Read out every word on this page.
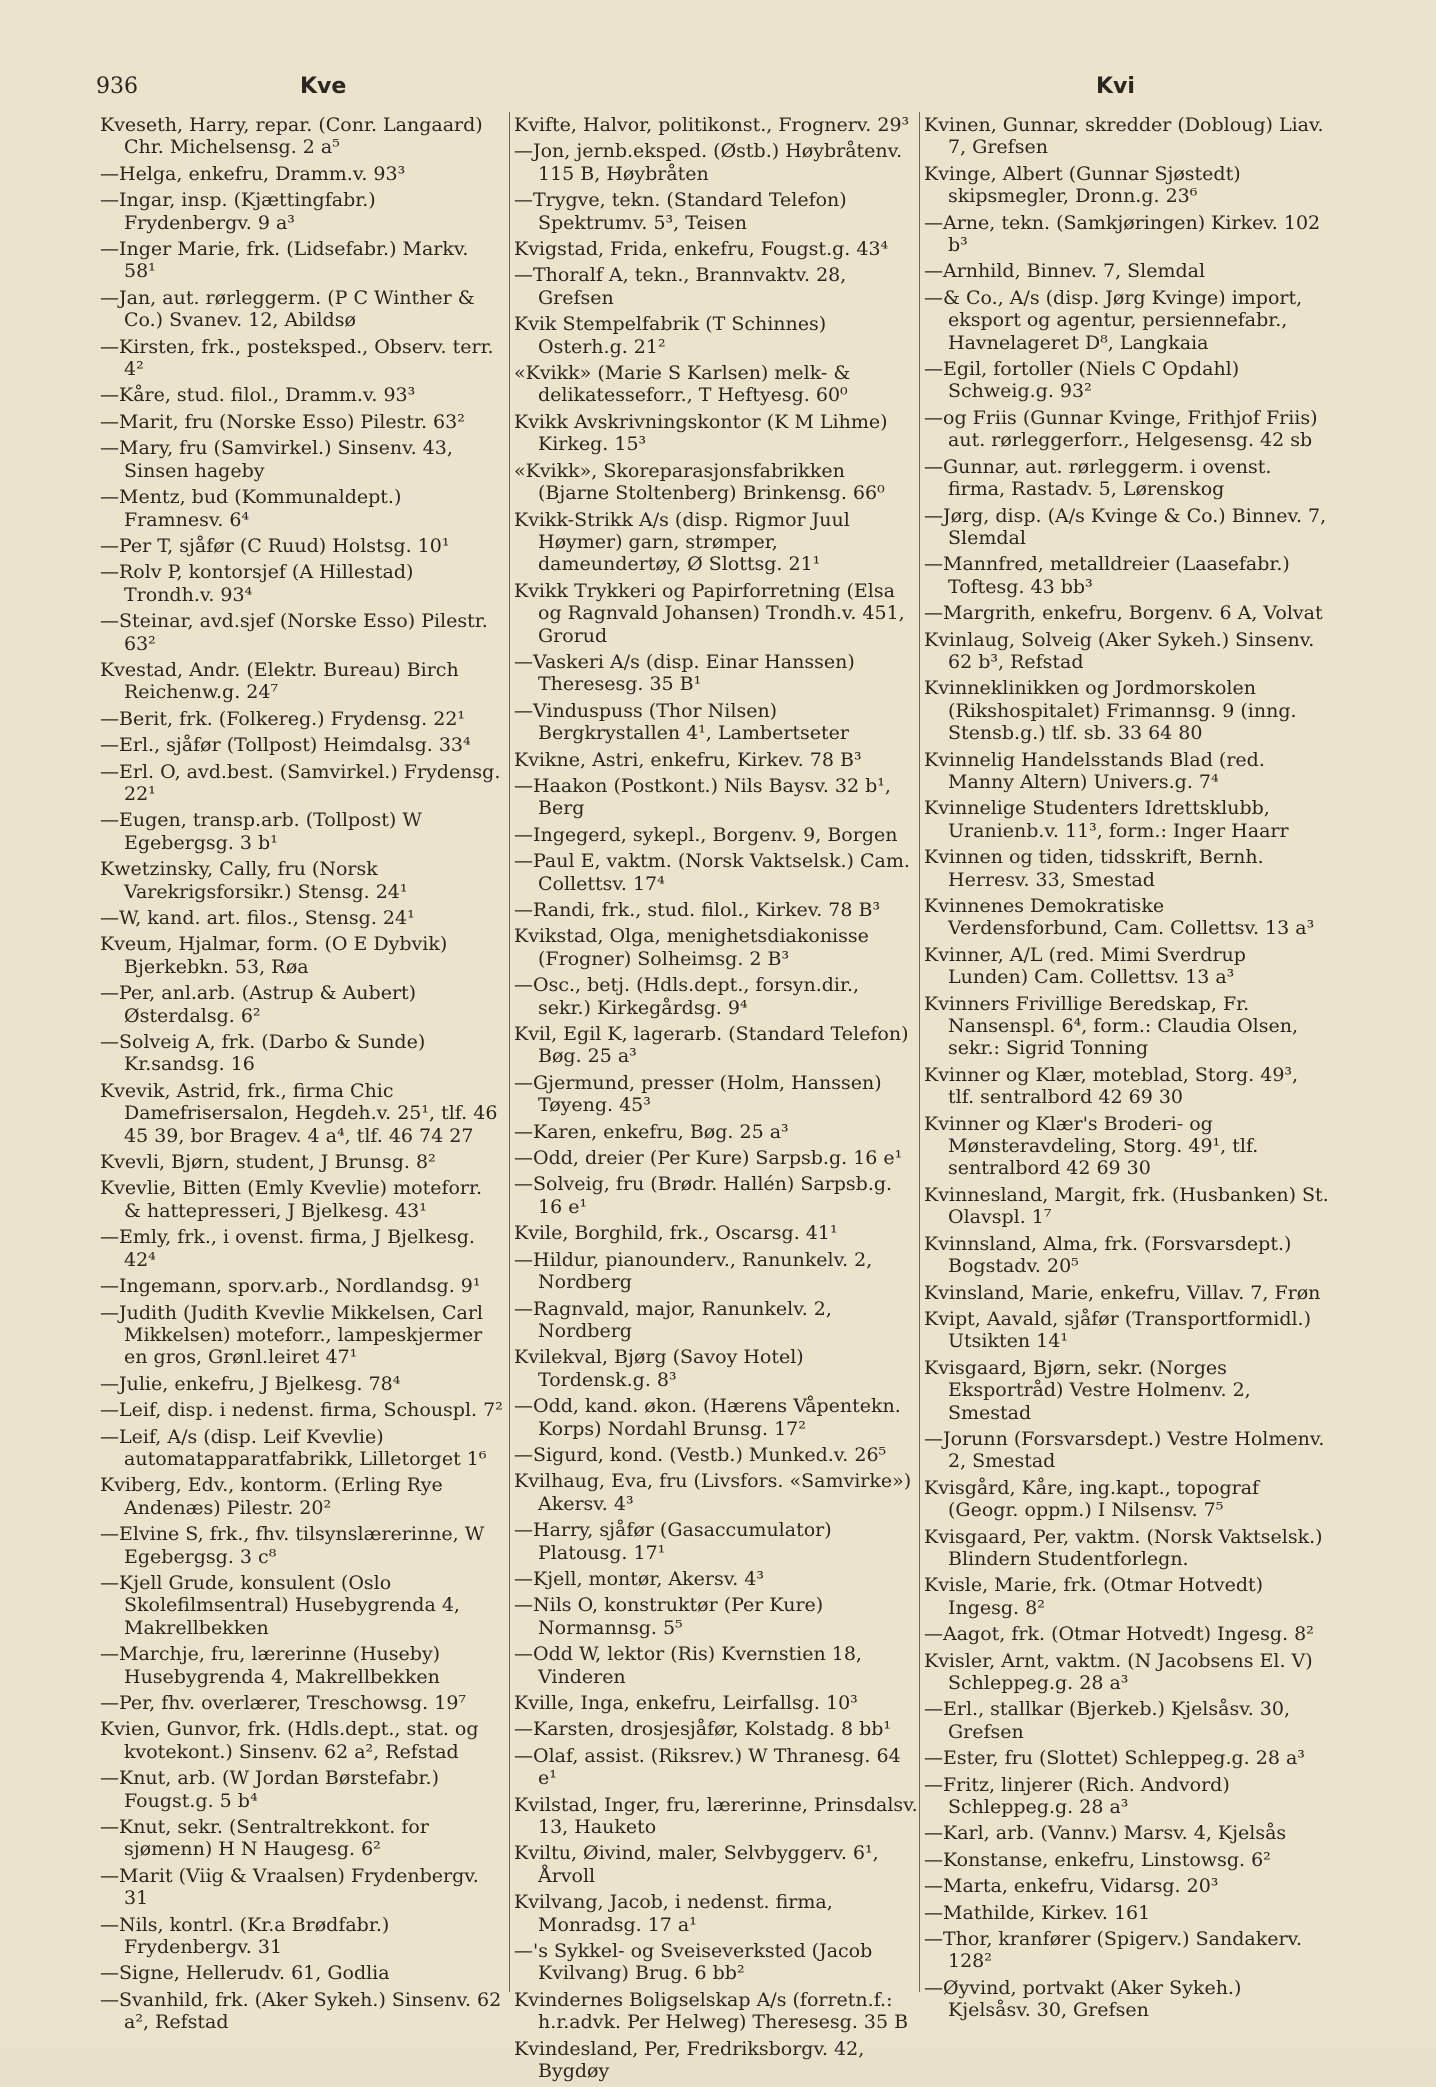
936	Kve	Kvi
Kveseth, Harry, repar. (Conr. Langaard) Chr. Michelsensg. 2 a⁵
—Helga, enkefru, Dramm.v. 93³
—Ingar, insp. (Kjættingfabr.) Frydenbergv. 9 a³
—Inger Marie, frk. (Lidsefabr.) Markv. 58¹
—Jan, aut. rørleggerm. (P C Winther & Co.) Svanev. 12, Abildsø
—Kirsten, frk., posteksped., Observ. terr. 4²
—Kåre, stud. filol., Dramm.v. 93³
—Marit, fru (Norske Esso) Pilestr. 63²
—Mary, fru (Samvirkel.) Sinsenv. 43, Sinsen hageby
—Mentz, bud (Kommunaldept.) Framnesv. 6⁴
—Per T, sjåfør (C Ruud) Holstsg. 10¹
—Rolv P, kontorsjef (A Hillestad) Trondh.v. 93⁴
—Steinar, avd.sjef (Norske Esso) Pilestr. 63²
Kvestad, Andr. (Elektr. Bureau) Birch Reichenw.g. 24⁷
—Berit, frk. (Folkereg.) Frydensg. 22¹
—Erl., sjåfør (Tollpost) Heimdalsg. 33⁴
—Erl. O, avd.best. (Samvirkel.) Frydensg. 22¹
—Eugen, transp.arb. (Tollpost) W Egebergsg. 3 b¹
Kwetzinsky, Cally, fru (Norsk Varekrigsforsikr.) Stensg. 24¹
—W, kand. art. filos., Stensg. 24¹
Kveum, Hjalmar, form. (O E Dybvik) Bjerkebkn. 53, Røa
—Per, anl.arb. (Astrup & Aubert) Østerdalsg. 6²
—Solveig A, frk. (Darbo & Sunde) Kr.sandsg. 16
Kvevik, Astrid, frk., firma Chic Damefrisersalon, Hegdeh.v. 25¹, tlf. 46 45 39, bor Bragev. 4 a⁴, tlf. 46 74 27
Kvevli, Bjørn, student, J Brunsg. 8²
Kvevlie, Bitten (Emly Kvevlie) moteforr. & hattepresseri, J Bjelkesg. 43¹
—Emly, frk., i ovenst. firma, J Bjelkesg. 42⁴
—Ingemann, sporv.arb., Nordlandsg. 9¹
—Judith (Judith Kvevlie Mikkelsen, Carl Mikkelsen) moteforr., lampeskjermer en gros, Grønl.leiret 47¹
—Julie, enkefru, J Bjelkesg. 78⁴
—Leif, disp. i nedenst. firma, Schouspl. 7²
—Leif, A/s (disp. Leif Kvevlie) automatapparatfabrikk, Lilletorget 1⁶
Kviberg, Edv., kontorm. (Erling Rye Andenæs) Pilestr. 20²
—Elvine S, frk., fhv. tilsynslærerinne, W Egebergsg. 3 c⁸
—Kjell Grude, konsulent (Oslo Skolefilmsentral) Husebygrenda 4, Makrellbekken
—Marchje, fru, lærerinne (Huseby) Husebygrenda 4, Makrellbekken
—Per, fhv. overlærer, Treschowsg. 19⁷
Kvien, Gunvor, frk. (Hdls.dept., stat. og kvotekont.) Sinsenv. 62 a², Refstad
—Knut, arb. (W Jordan Børstefabr.) Fougst.g. 5 b⁴
—Knut, sekr. (Sentraltrekkont. for sjømenn) H N Haugesg. 6²
—Marit (Viig & Vraalsen) Frydenbergv. 31
—Nils, kontrl. (Kr.a Brødfabr.) Frydenbergv. 31
—Signe, Hellerudv. 61, Godlia
—Svanhild, frk. (Aker Sykeh.) Sinsenv. 62 a², Refstad
Kvifte, Halvor, politikonst., Frognerv. 29³
—Jon, jernb.eksped. (Østb.) Høybråtenv. 115 B, Høybråten
—Trygve, tekn. (Standard Telefon) Spektrumv. 5³, Teisen
Kvigstad, Frida, enkefru, Fougst.g. 43⁴
—Thoralf A, tekn., Brannvaktv. 28, Grefsen
Kvik Stempelfabrik (T Schinnes) Osterh.g. 21²
«Kvikk» (Marie S Karlsen) melk- & delikatesseforr., T Heftyesg. 60⁰
Kvikk Avskrivningskontor (K M Lihme) Kirkeg. 15³
«Kvikk», Skoreparasjonsfabrikken (Bjarne Stoltenberg) Brinkensg. 66⁰
Kvikk-Strikk A/s (disp. Rigmor Juul Høymer) garn, strømper, dameundertøy, Ø Slottsg. 21¹
Kvikk Trykkeri og Papirforretning (Elsa og Ragnvald Johansen) Trondh.v. 451, Grorud
—Vaskeri A/s (disp. Einar Hanssen) Theresesg. 35 B¹
—Vinduspuss (Thor Nilsen) Bergkrystallen 4¹, Lambertseter
Kvikne, Astri, enkefru, Kirkev. 78 B³
—Haakon (Postkont.) Nils Baysv. 32 b¹, Berg
—Ingegerd, sykepl., Borgenv. 9, Borgen
—Paul E, vaktm. (Norsk Vaktselsk.) Cam. Collettsv. 17⁴
—Randi, frk., stud. filol., Kirkev. 78 B³
Kvikstad, Olga, menighetsdiakonisse (Frogner) Solheimsg. 2 B³
—Osc., betj. (Hdls.dept., forsyn.dir., sekr.) Kirkegårdsg. 9⁴
Kvil, Egil K, lagerarb. (Standard Telefon) Bøg. 25 a³
—Gjermund, presser (Holm, Hanssen) Tøyeng. 45³
—Karen, enkefru, Bøg. 25 a³
—Odd, dreier (Per Kure) Sarpsb.g. 16 e¹
—Solveig, fru (Brødr. Hallén) Sarpsb.g. 16 e¹
Kvile, Borghild, frk., Oscarsg. 41¹
—Hildur, pianounderv., Ranunkelv. 2, Nordberg
—Ragnvald, major, Ranunkelv. 2, Nordberg
Kvilekval, Bjørg (Savoy Hotel) Tordensk.g. 8³
—Odd, kand. økon. (Hærens Våpentekn. Korps) Nordahl Brunsg. 17²
—Sigurd, kond. (Vestb.) Munked.v. 26⁵
Kvilhaug, Eva, fru (Livsfors. «Samvirke») Akersv. 4³
—Harry, sjåfør (Gasaccumulator) Platousg. 17¹
—Kjell, montør, Akersv. 4³
—Nils O, konstruktør (Per Kure) Normannsg. 5⁵
—Odd W, lektor (Ris) Kvernstien 18, Vinderen
Kville, Inga, enkefru, Leirfallsg. 10³
—Karsten, drosjesjåfør, Kolstadg. 8 bb¹
—Olaf, assist. (Riksrev.) W Thranesg. 64 e¹
Kvilstad, Inger, fru, lærerinne, Prinsdalsv. 13, Hauketo
Kviltu, Øivind, maler, Selvbyggerv. 6¹, Årvoll
Kvilvang, Jacob, i nedenst. firma, Monradsg. 17 a¹
—'s Sykkel- og Sveiseverksted (Jacob Kvilvang) Brug. 6 bb²
Kvindernes Boligselskap A/s (forretn.f.: h.r.advk. Per Helweg) Theresesg. 35 B
Kvindesland, Per, Fredriksborgv. 42, Bygdøy
Kvinen, Gunnar, skredder (Dobloug) Liav. 7, Grefsen
Kvinge, Albert (Gunnar Sjøstedt) skipsmegler, Dronn.g. 23⁶
—Arne, tekn. (Samkjøringen) Kirkev. 102 b³
—Arnhild, Binnev. 7, Slemdal
—& Co., A/s (disp. Jørg Kvinge) import, eksport og agentur, persiennefabr., Havnelageret D⁸, Langkaia
—Egil, fortoller (Niels C Opdahl) Schweig.g. 93²
—og Friis (Gunnar Kvinge, Frithjof Friis) aut. rørleggerforr., Helgesensg. 42 sb
—Gunnar, aut. rørleggerm. i ovenst. firma, Rastadv. 5, Lørenskog
—Jørg, disp. (A/s Kvinge & Co.) Binnev. 7, Slemdal
—Mannfred, metalldreier (Laasefabr.) Toftesg. 43 bb³
—Margrith, enkefru, Borgenv. 6 A, Volvat
Kvinlaug, Solveig (Aker Sykeh.) Sinsenv. 62 b³, Refstad
Kvinneklinikken og Jordmorskolen (Rikshospitalet) Frimannsg. 9 (inng. Stensb.g.) tlf. sb. 33 64 80
Kvinnelig Handelsstands Blad (red. Manny Altern) Univers.g. 7⁴
Kvinnelige Studenters Idrettsklubb, Uranienb.v. 11³, form.: Inger Haarr
Kvinnen og tiden, tidsskrift, Bernh. Herresv. 33, Smestad
Kvinnenes Demokratiske Verdensforbund, Cam. Collettsv. 13 a³
Kvinner, A/L (red. Mimi Sverdrup Lunden) Cam. Collettsv. 13 a³
Kvinners Frivillige Beredskap, Fr. Nansenspl. 6⁴, form.: Claudia Olsen, sekr.: Sigrid Tonning
Kvinner og Klær, moteblad, Storg. 49³, tlf. sentralbord 42 69 30
Kvinner og Klær's Broderi- og Mønsteravdeling, Storg. 49¹, tlf. sentralbord 42 69 30
Kvinnesland, Margit, frk. (Husbanken) St. Olavspl. 1⁷
Kvinnsland, Alma, frk. (Forsvarsdept.) Bogstadv. 20⁵
Kvinsland, Marie, enkefru, Villav. 7, Frøn
Kvipt, Aavald, sjåfør (Transportformidl.) Utsikten 14¹
Kvisgaard, Bjørn, sekr. (Norges Eksportråd) Vestre Holmenv. 2, Smestad
—Jorunn (Forsvarsdept.) Vestre Holmenv. 2, Smestad
Kvisgård, Kåre, ing.kapt., topograf (Geogr. oppm.) I Nilsensv. 7⁵
Kvisgaard, Per, vaktm. (Norsk Vaktselsk.) Blindern Studentforlegn.
Kvisle, Marie, frk. (Otmar Hotvedt) Ingesg. 8²
—Aagot, frk. (Otmar Hotvedt) Ingesg. 8²
Kvisler, Arnt, vaktm. (N Jacobsens El. V) Schleppeg.g. 28 a³
—Erl., stallkar (Bjerkeb.) Kjelsåsv. 30, Grefsen
—Ester, fru (Slottet) Schleppeg.g. 28 a³
—Fritz, linjerer (Rich. Andvord) Schleppeg.g. 28 a³
—Karl, arb. (Vannv.) Marsv. 4, Kjelsås
—Konstanse, enkefru, Linstowsg. 6²
—Marta, enkefru, Vidarsg. 20³
—Mathilde, Kirkev. 161
—Thor, kranfører (Spigerv.) Sandakerv. 128²
—Øyvind, portvakt (Aker Sykeh.) Kjelsåsv. 30, Grefsen
